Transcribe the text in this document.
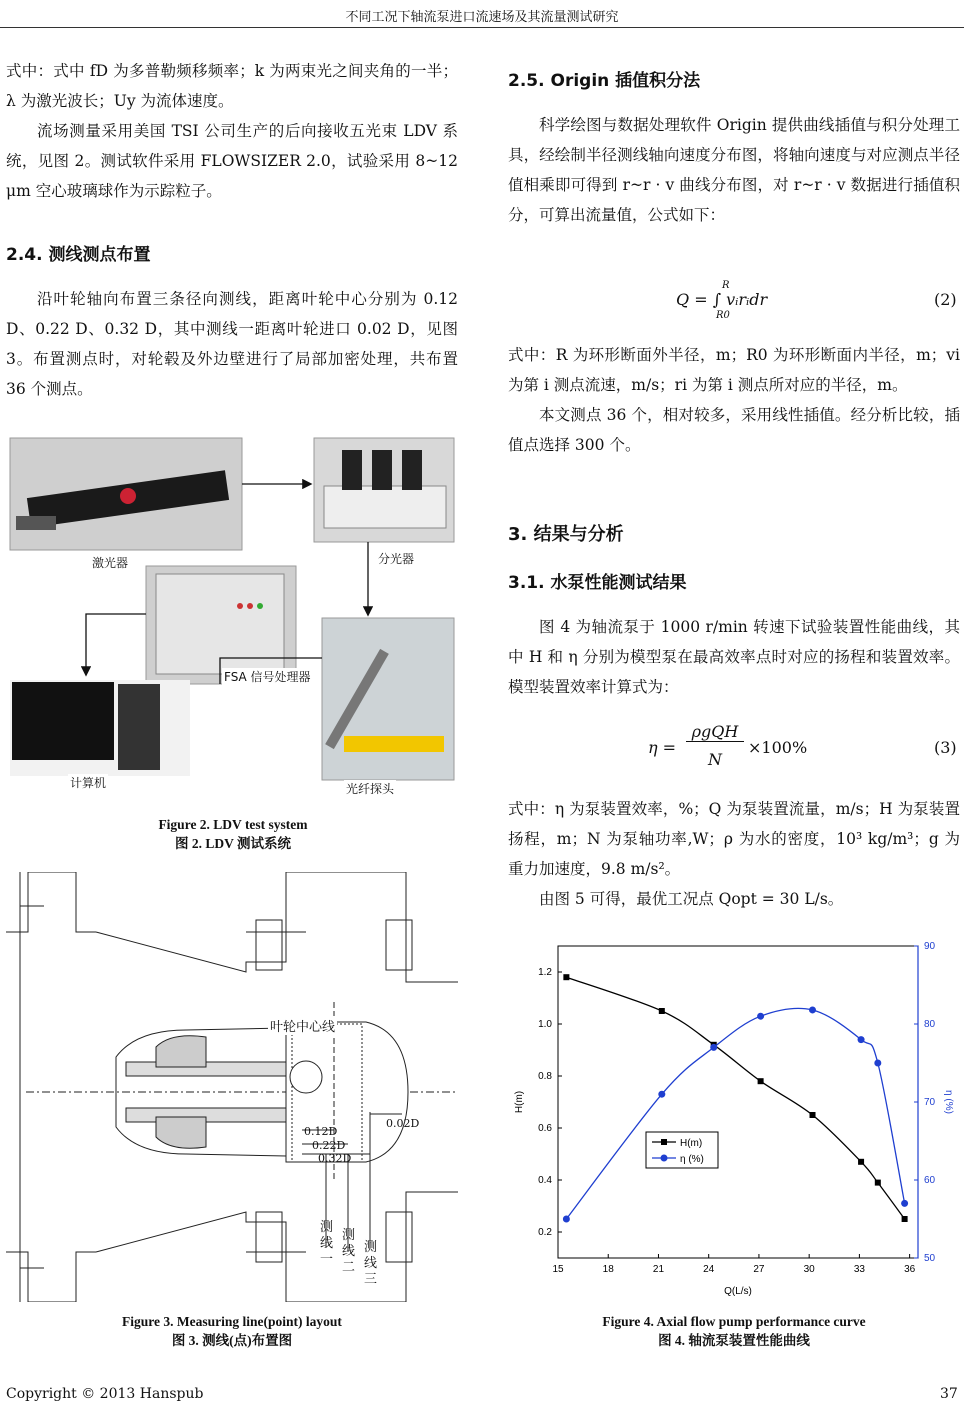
不同工况下轴流泵进口流速场及其流量测试研究

式中：式中 fD 为多普勒频移频率；k 为两束光之间夹角的一半；λ 为激光波长；Uy 为流体速度。

流场测量采用美国 TSI 公司生产的后向接收五光束 LDV 系统，见图 2。测试软件采用 FLOWSIZER 2.0，试验采用 8~12 μm 空心玻璃球作为示踪粒子。

2.4. 测线测点布置

沿叶轮轴向布置三条径向测线，距离叶轮中心分别为 0.12 D、0.22 D、0.32 D，其中测线一距离叶轮进口 0.02 D，见图 3。布置测点时，对轮毂及外边壁进行了局部加密处理，共布置 36 个测点。

激光器	分光器
FSA 信号处理器
计算机	光纤探头
Figure 2. LDV test system
图 2. LDV 测试系统
叶轮中心线
0.12D
0.22D
0.32D
0.02D
测线一
测线二
测线三
Figure 3. Measuring line(point) layout
图 3. 测线(点)布置图
2.5. Origin 插值积分法

科学绘图与数据处理软件 Origin 提供曲线插值与积分处理工具，经绘制半径测线轴向速度分布图，将轴向速度与对应测点半径值相乘即可得到 r~r · v 曲线分布图，对 r~r · v 数据进行插值积分，可算出流量值，公式如下：

Q = ∫ vᵢrᵢdr
R
R0
(2)

式中：R 为环形断面外半径，m；R0 为环形断面内半径，m；vi 为第 i 测点流速，m/s；ri 为第 i 测点所对应的半径，m。

本文测点 36 个，相对较多，采用线性插值。经分析比较，插值点选择 300 个。

3. 结果与分析
3.1. 水泵性能测试结果

图 4 为轴流泵于 1000 r/min 转速下试验装置性能曲线，其中 H 和 η 分别为模型泵在最高效率点时对应的扬程和装置效率。模型装置效率计算式为：

η =
ρgQH
N
×100%	(3)

式中：η 为泵装置效率，%；Q 为泵装置流量，m/s；H 为泵装置扬程，m；N 为泵轴功率,W；ρ 为水的密度，10³ kg/m³；g 为重力加速度，9.8 m/s²。

由图 5 可得，最优工况点 Qopt = 30 L/s。

15	18	21	24	27	30	33	36
0.2
0.4
0.6
0.8
1.0
1.2
50
60
70
80
90
Q(L/s)
H(m)	η (%)
H(m)
η (%)
Figure 4. Axial flow pump performance curve
图 4. 轴流泵装置性能曲线
Copyright © 2013 Hanspub	37
